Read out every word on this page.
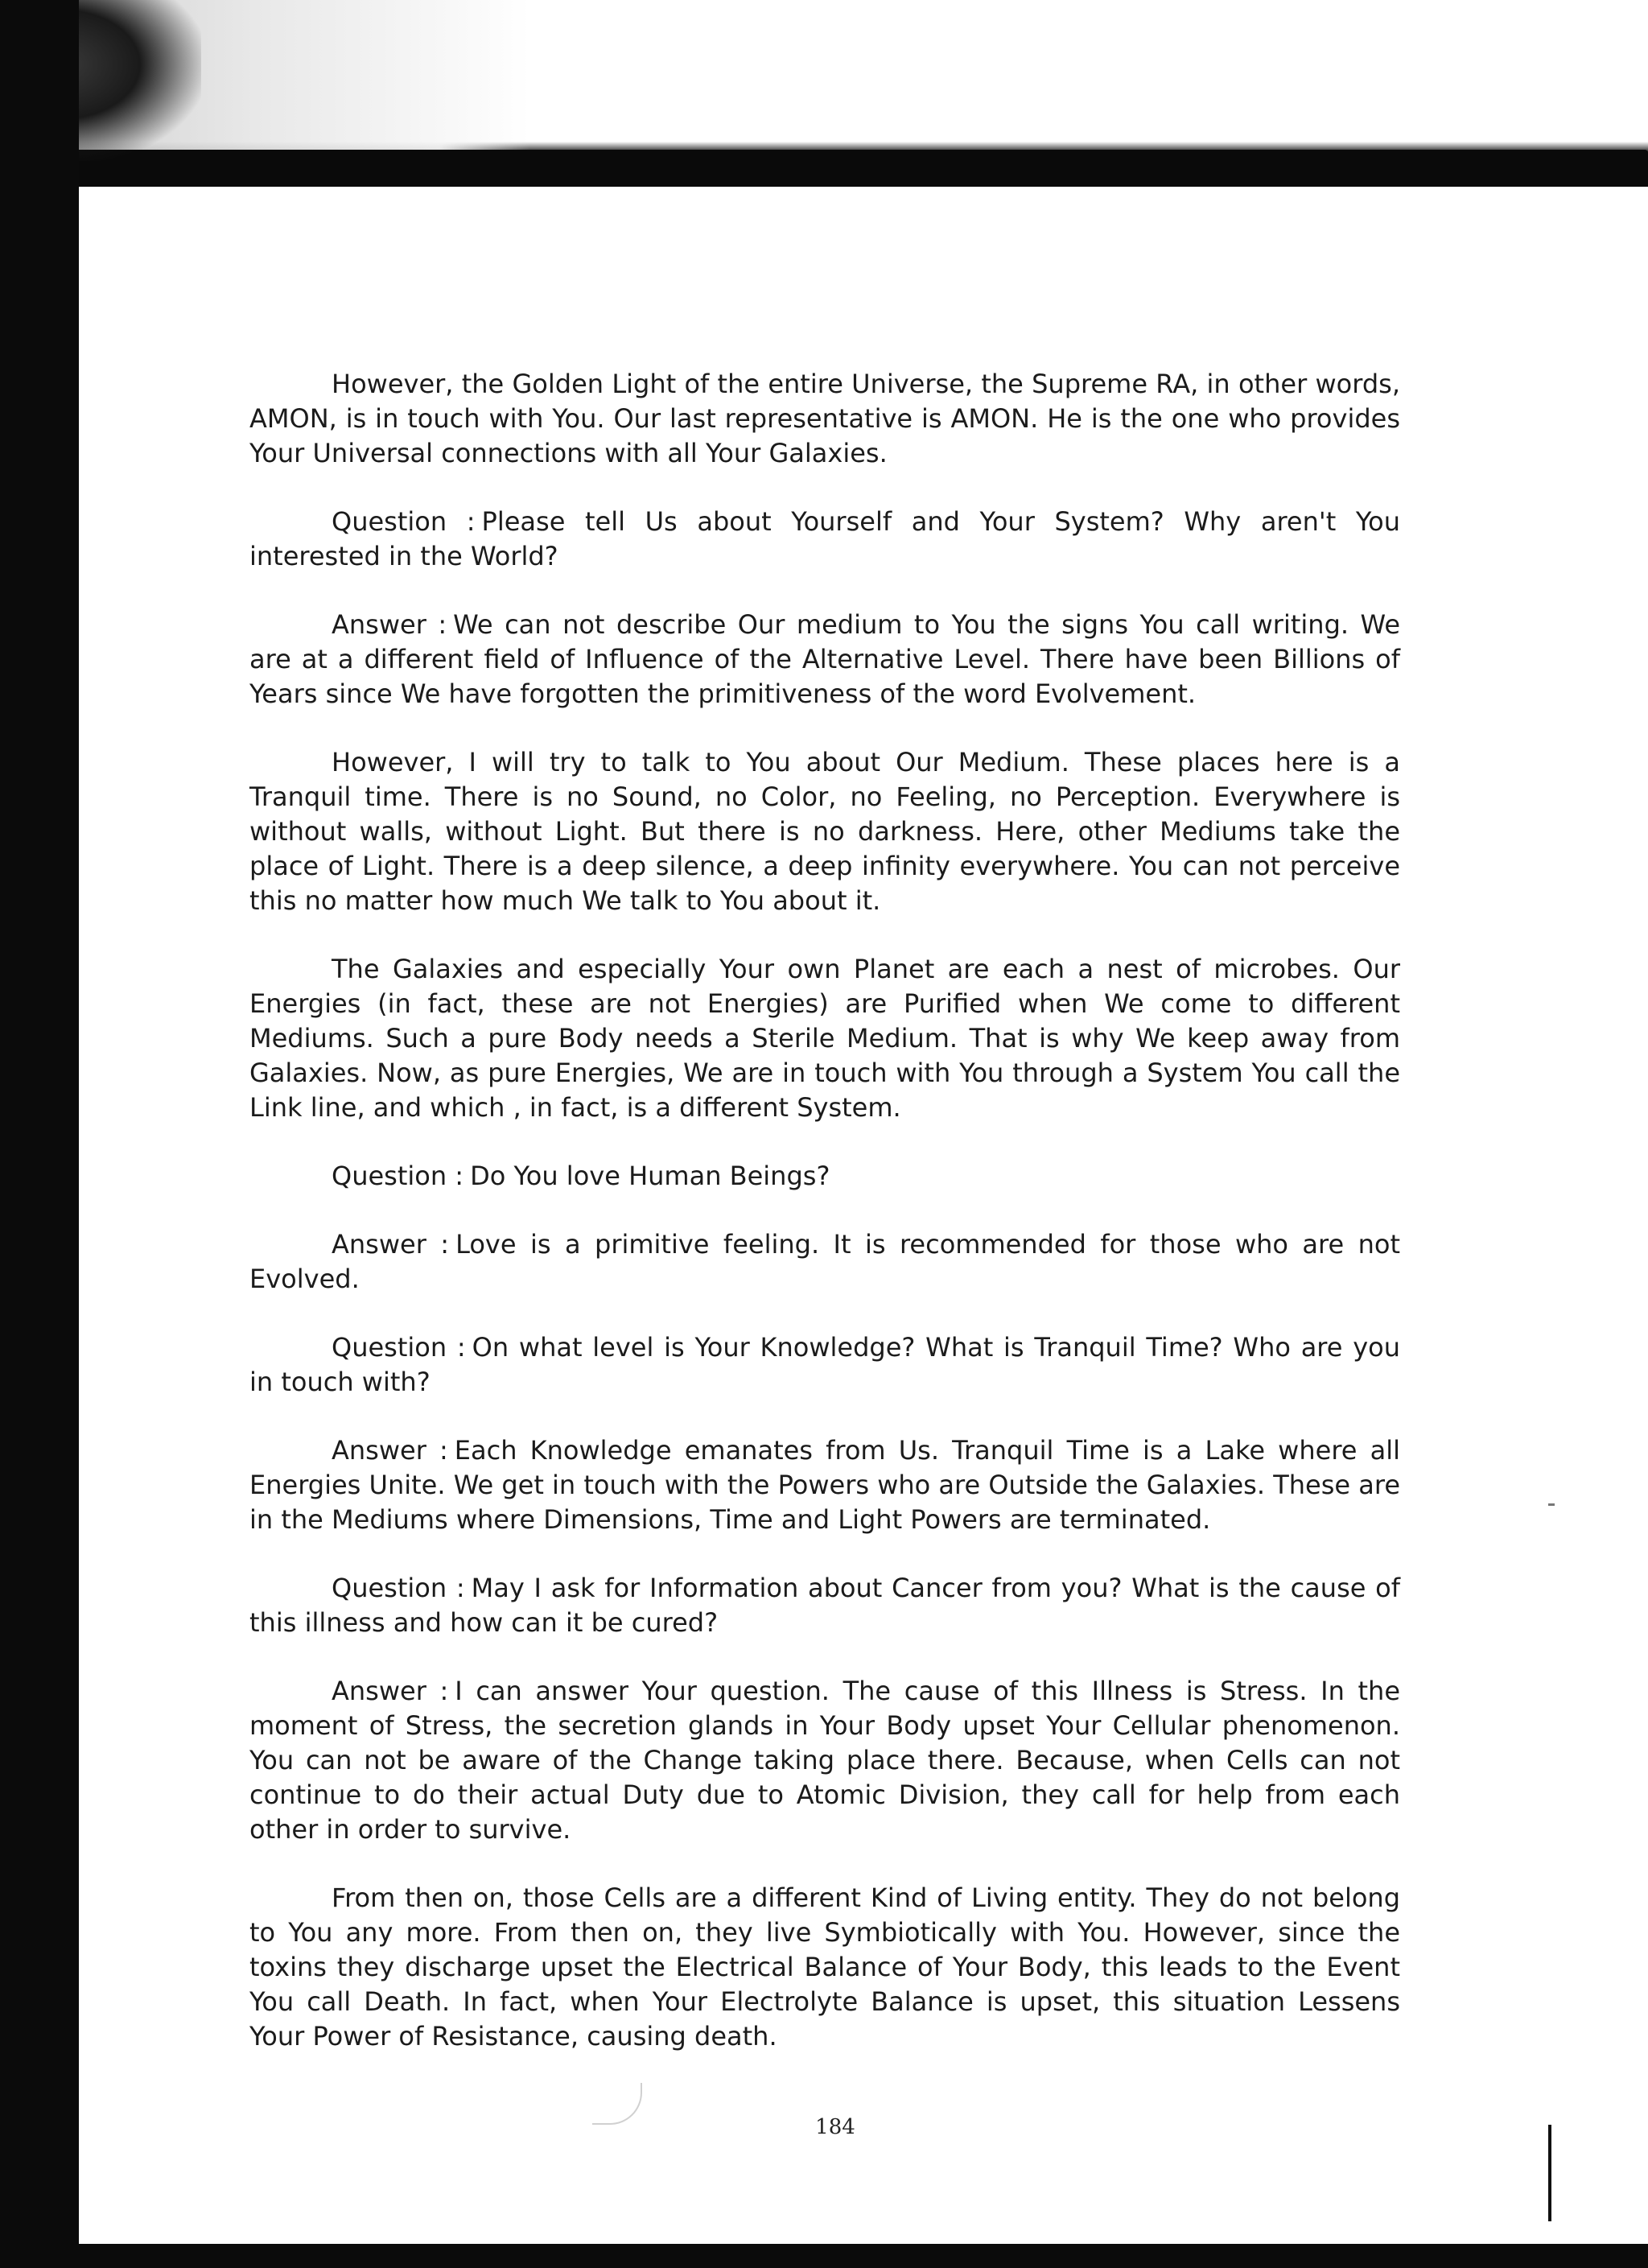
However, the Golden Light of the entire Universe, the Supreme RA, in other words, AMON, is in touch with You. Our last representative is AMON. He is the one who provides Your Universal connections with all Your Galaxies.

Question : Please tell Us about Yourself and Your System? Why aren't You interested in the World?

Answer : We can not describe Our medium to You the signs You call writing. We are at a different field of Influence of the Alternative Level. There have been Billions of Years since We have forgotten the primitiveness of the word Evolvement.

However, I will try to talk to You about Our Medium. These places here is a Tranquil time. There is no Sound, no Color, no Feeling, no Perception. Everywhere is without walls, without Light. But there is no darkness. Here, other Mediums take the place of Light. There is a deep silence, a deep infinity everywhere. You can not perceive this no matter how much We talk to You about it.

The Galaxies and especially Your own Planet are each a nest of microbes. Our Energies (in fact, these are not Energies) are Purified when We come to different Mediums. Such a pure Body needs a Sterile Medium. That is why We keep away from Galaxies. Now, as pure Energies, We are in touch with You through a System You call the Link line, and which , in fact, is a different System.

Question : Do You love Human Beings?

Answer : Love is a primitive feeling. It is recommended for those who are not Evolved.

Question : On what level is Your Knowledge? What is Tranquil Time? Who are you in touch with?

Answer : Each Knowledge emanates from Us. Tranquil Time is a Lake where all Energies Unite. We get in touch with the Powers who are Outside the Galaxies. These are in the Mediums where Dimensions, Time and Light Powers are terminated.

Question : May I ask for Information about Cancer from you? What is the cause of this illness and how can it be cured?

Answer : I can answer Your question. The cause of this Illness is Stress. In the moment of Stress, the secretion glands in Your Body upset Your Cellular phenomenon. You can not be aware of the Change taking place there. Because, when Cells can not continue to do their actual Duty due to Atomic Division, they call for help from each other in order to survive.

From then on, those Cells are a different Kind of Living entity. They do not belong to You any more. From then on, they live Symbiotically with You. However, since the toxins they discharge upset the Electrical Balance of Your Body, this leads to the Event You call Death. In fact, when Your Electrolyte Balance is upset, this situation Lessens Your Power of Resistance, causing death.

184
